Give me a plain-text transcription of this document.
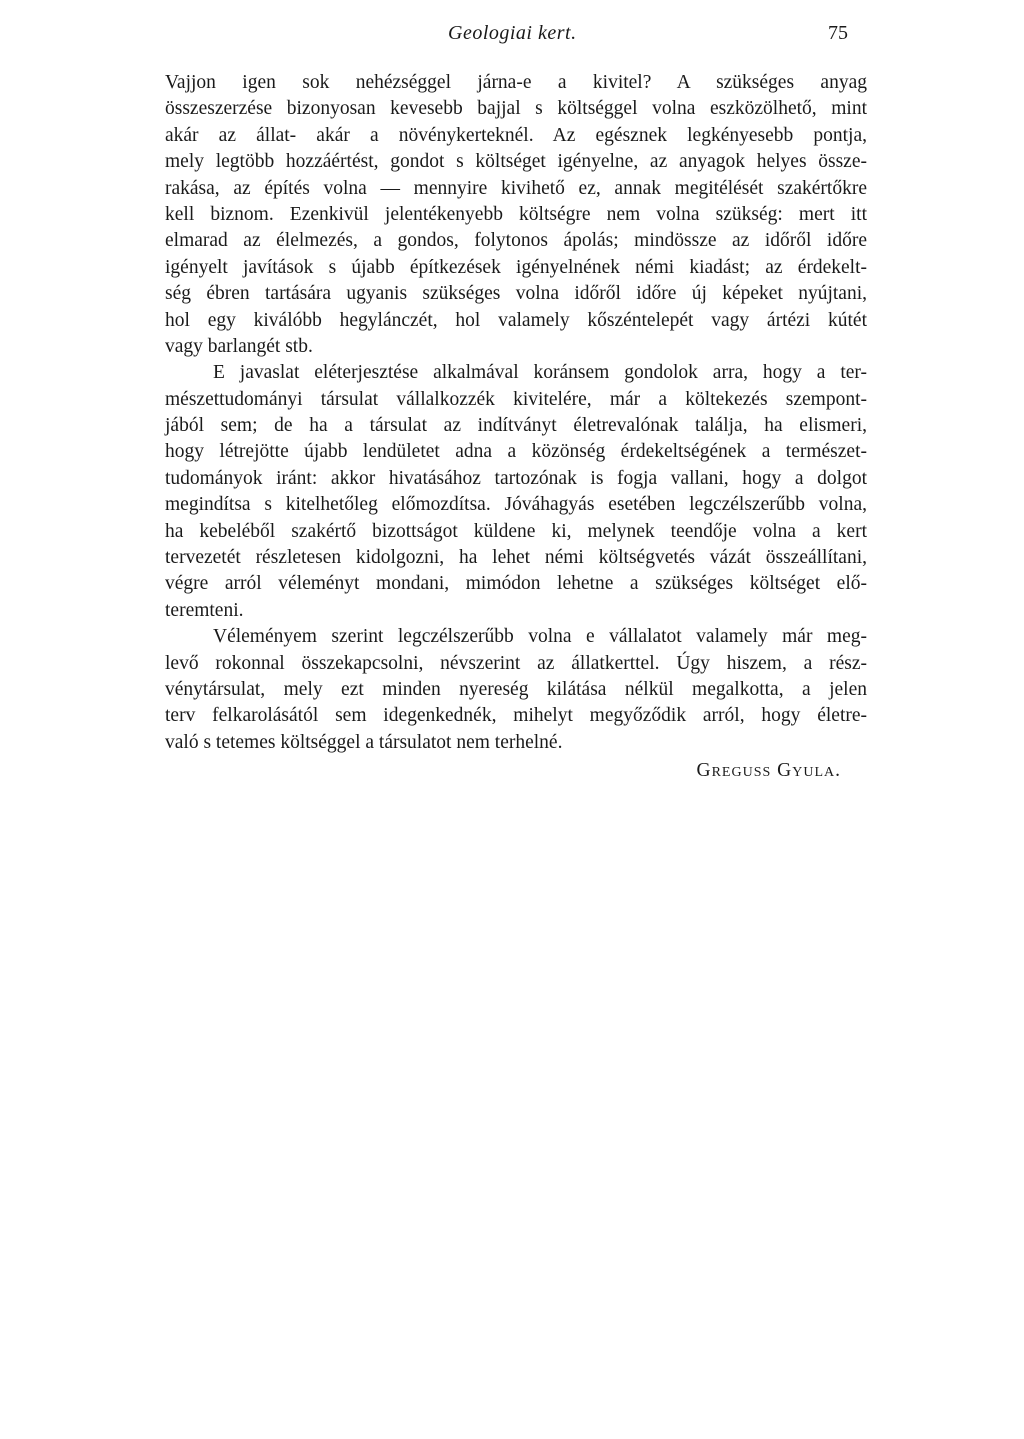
Geologiai kert.	75
Vajjon igen sok nehézséggel járna-e a kivitel? A szükséges anyag
összeszerzése bizonyosan kevesebb bajjal s költséggel volna eszközölhető, mint
akár az állat- akár a növénykerteknél. Az egésznek legkényesebb pontja,
mely legtöbb hozzáértést, gondot s költséget igényelne, az anyagok helyes össze-
rakása, az építés volna — mennyire kivihető ez, annak megitélését szakértőkre
kell biznom. Ezenkivül jelentékenyebb költségre nem volna szükség: mert itt
elmarad az élelmezés, a gondos, folytonos ápolás; mindössze az időről időre
igényelt javítások s újabb építkezések igényelnének némi kiadást; az érdekelt-
ség ébren tartására ugyanis szükséges volna időről időre új képeket nyújtani,
hol egy kiválóbb hegylánczét, hol valamely kőszéntelepét vagy ártézi kútét
vagy barlangét stb.
E javaslat eléterjesztése alkalmával koránsem gondolok arra, hogy a ter-
mészettudományi társulat vállalkozzék kivitelére, már a költekezés szempont-
jából sem; de ha a társulat az indítványt életrevalónak találja, ha elismeri,
hogy létrejötte újabb lendületet adna a közönség érdekeltségének a természet-
tudományok iránt: akkor hivatásához tartozónak is fogja vallani, hogy a dolgot
megindítsa s kitelhetőleg előmozdítsa. Jóváhagyás esetében legczélszerűbb volna,
ha kebeléből szakértő bizottságot küldene ki, melynek teendője volna a kert
tervezetét részletesen kidolgozni, ha lehet némi költségvetés vázát összeállítani,
végre arról véleményt mondani, mimódon lehetne a szükséges költséget elő-
teremteni.
Véleményem szerint legczélszerűbb volna e vállalatot valamely már meg-
levő rokonnal összekapcsolni, névszerint az állatkerttel. Úgy hiszem, a rész-
vénytársulat, mely ezt minden nyereség kilátása nélkül megalkotta, a jelen
terv felkarolásától sem idegenkednék, mihelyt megyőződik arról, hogy életre-
való s tetemes költséggel a társulatot nem terhelné.
Greguss Gyula.
